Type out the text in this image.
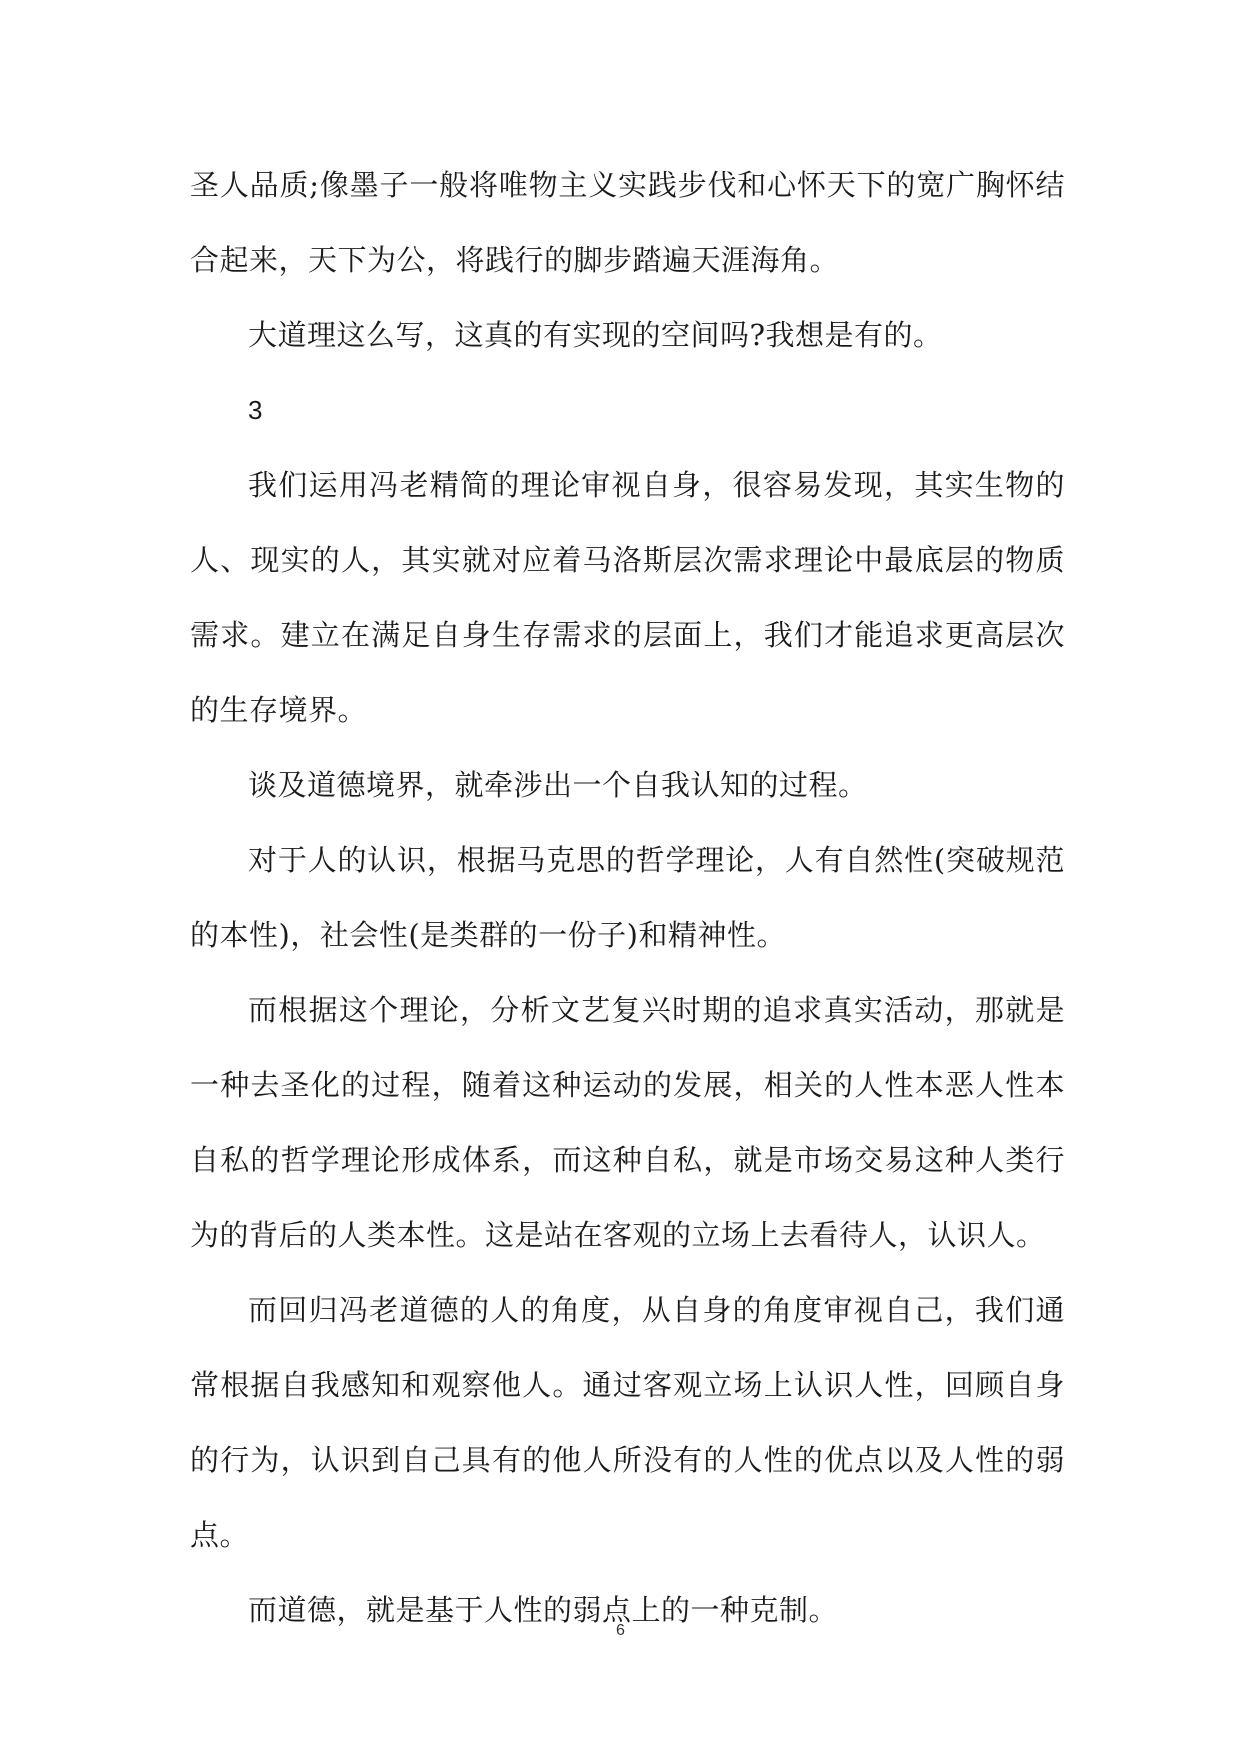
圣人品质;像墨子一般将唯物主义实践步伐和心怀天下的宽广胸怀结合起来，天下为公，将践行的脚步踏遍天涯海角。

大道理这么写，这真的有实现的空间吗?我想是有的。

3

我们运用冯老精简的理论审视自身，很容易发现，其实生物的人、现实的人，其实就对应着马洛斯层次需求理论中最底层的物质需求。建立在满足自身生存需求的层面上，我们才能追求更高层次的生存境界。

谈及道德境界，就牵涉出一个自我认知的过程。

对于人的认识，根据马克思的哲学理论，人有自然性(突破规范的本性)，社会性(是类群的一份子)和精神性。

而根据这个理论，分析文艺复兴时期的追求真实活动，那就是一种去圣化的过程，随着这种运动的发展，相关的人性本恶人性本自私的哲学理论形成体系，而这种自私，就是市场交易这种人类行为的背后的人类本性。这是站在客观的立场上去看待人，认识人。

而回归冯老道德的人的角度，从自身的角度审视自己，我们通常根据自我感知和观察他人。通过客观立场上认识人性，回顾自身的行为，认识到自己具有的他人所没有的人性的优点以及人性的弱点。

而道德，就是基于人性的弱点上的一种克制。

6
